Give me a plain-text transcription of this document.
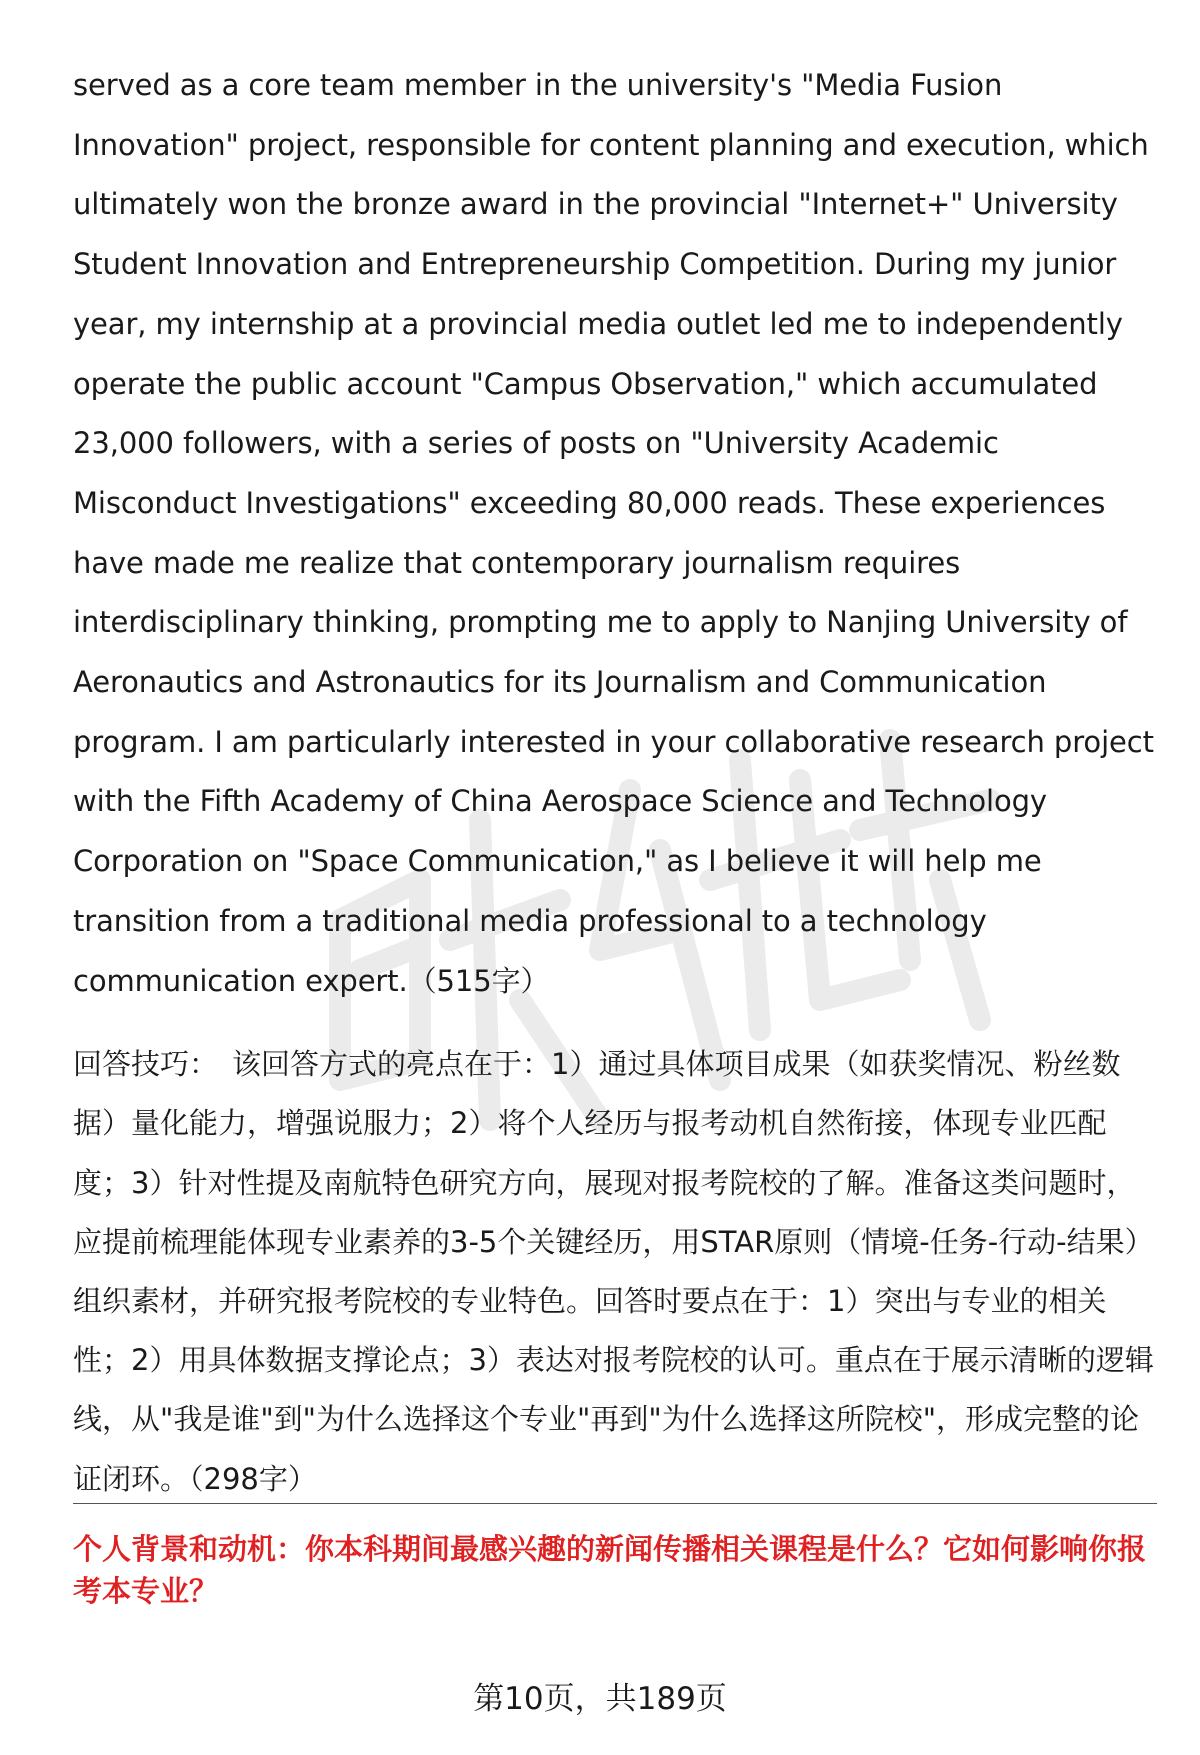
served as a core team member in the university's "Media Fusion Innovation" project, responsible for content planning and execution, which ultimately won the bronze award in the provincial "Internet+" University Student Innovation and Entrepreneurship Competition. During my junior year, my internship at a provincial media outlet led me to independently operate the public account "Campus Observation," which accumulated 23,000 followers, with a series of posts on "University Academic Misconduct Investigations" exceeding 80,000 reads. These experiences have made me realize that contemporary journalism requires interdisciplinary thinking, prompting me to apply to Nanjing University of Aeronautics and Astronautics for its Journalism and Communication program. I am particularly interested in your collaborative research project with the Fifth Academy of China Aerospace Science and Technology Corporation on "Space Communication," as I believe it will help me transition from a traditional media professional to a technology communication expert.（515字）

回答技巧： 该回答方式的亮点在于：1）通过具体项目成果（如获奖情况、粉丝数据）量化能力，增强说服力；2）将个人经历与报考动机自然衔接，体现专业匹配度；3）针对性提及南航特色研究方向，展现对报考院校的了解。准备这类问题时，应提前梳理能体现专业素养的3-5个关键经历，用STAR原则（情境-任务-行动-结果）组织素材，并研究报考院校的专业特色。回答时要点在于：1）突出与专业的相关性；2）用具体数据支撑论点；3）表达对报考院校的认可。重点在于展示清晰的逻辑线，从"我是谁"到"为什么选择这个专业"再到"为什么选择这所院校"，形成完整的论证闭环。（298字）

个人背景和动机：你本科期间最感兴趣的新闻传播相关课程是什么？它如何影响你报考本专业？

第10页，共189页
